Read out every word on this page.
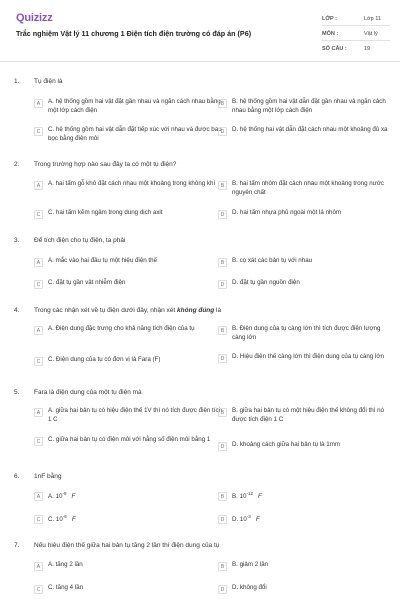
Quizizz
Trắc nghiệm Vật lý 11 chương 1 Điện tích điện trường có đáp án (P6)
LỚP :	Lớp 11
MÔN :	Vật lý
SỐ CÂU :	19
1. Tụ điện là
A	A. hệ thống gồm hai vật đặt gần nhau và ngăn cách nhau bằng một lớp cách điện
B	B. hệ thống gồm hai vật dẫn đặt gần nhau và ngăn cách nhau bằng một lớp cách điện
C	C. hệ thống gồm hai vật dẫn đặt tiếp xúc với nhau và được bao bọc bằng điện môi
D	D. hệ thống hai vật dẫn đặt cách nhau một khoảng đủ xa
2. Trong trường hợp nào sau đây ta có một tụ điện?
A	A. hai tấm gỗ khô đặt cách nhau một khoảng trong không khí	B	B. hai tấm nhôm đặt cách nhau một khoảng trong nước nguyên chất
C	C. hai tấm kẽm ngâm trong dung dịch axit	D	D. hai tấm nhựa phủ ngoài một lá nhôm
3. Để tích điện cho tụ điện, ta phải
A	A. mắc vào hai đầu tụ một hiệu điện thế	B	B. cọ xát các bản tụ với nhau
C	C. đặt tụ gần vật nhiễm điện	D	D. đặt tụ gần nguồn điện
4. Trong các nhận xét về tụ điện dưới đây, nhận xét không đúng là
A	A. Điện dung đặc trưng cho khả năng tích điện của tụ	B	B. Điện dung của tụ càng lớn thì tích được điện lượng càng lớn
C	C. Điện dung của tụ có đơn vị là Fara (F)	D	D. Hiệu điện thế càng lớn thì điện dung của tụ càng lớn
5. Fara là điện dung của một tụ điện mà
A	A. giữa hai bản tụ có hiệu điện thế 1V thì nó tích được điện tích 1 C
B	B. giữa hai bản tụ có một hiệu điện thế không đổi thì nó được tích điện 1 C
C	C. giữa hai bản tụ có điện môi với hằng số điện môi bằng 1
D	D. khoảng cách giữa hai bản tụ là 1mm
6. 1nF bằng
A	A. $10^{-9}$ F	B	B. $10^{-12}$ F
C	C. $10^{-6}$ F	D	D. $10^{-3}$ F
7. Nếu hiệu điện thế giữa hai bản tụ tăng 2 lần thì điện dung của tụ
A	A. tăng 2 lần	B	B. giảm 2 lần
C	C. tăng 4 lần	D	D. không đổi
